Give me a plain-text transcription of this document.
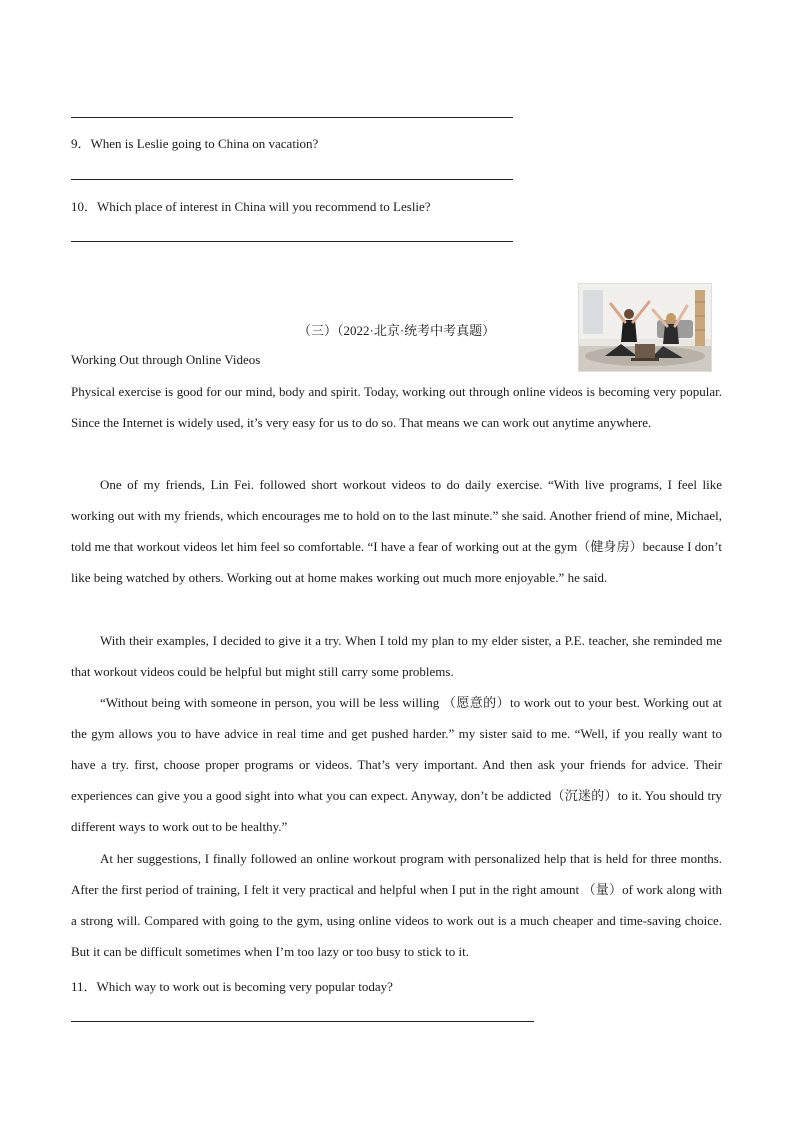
9．When is Leslie going to China on vacation?
10．Which place of interest in China will you recommend to Leslie?
（三）（2022·北京·统考中考真题）
Working Out through Online Videos

Physical exercise is good for our mind, body and spirit. Today, working out through online videos is becoming very popular. Since the Internet is widely used, it’s very easy for us to do so. That means we can work out anytime anywhere.

One of my friends, Lin Fei. followed short workout videos to do daily exercise. “With live programs, I feel like working out with my friends, which encourages me to hold on to the last minute.” she said. Another friend of mine, Michael, told me that workout videos let him feel so comfortable. “I have a fear of working out at the gym（健身房）because I don’t like being watched by others. Working out at home makes working out much more enjoyable.” he said.

With their examples, I decided to give it a try. When I told my plan to my elder sister, a P.E. teacher, she reminded me that workout videos could be helpful but might still carry some problems.

“Without being with someone in person, you will be less willing （愿意的）to work out to your best. Working out at the gym allows you to have advice in real time and get pushed harder.” my sister said to me. “Well, if you really want to have a try. first, choose proper programs or videos. That’s very important. And then ask your friends for advice. Their experiences can give you a good sight into what you can expect. Anyway, don’t be addicted（沉迷的）to it. You should try different ways to work out to be healthy.”

At her suggestions, I finally followed an online workout program with personalized help that is held for three months. After the first period of training, I felt it very practical and helpful when I put in the right amount （量）of work along with a strong will. Compared with going to the gym, using online videos to work out is a much cheaper and time-saving choice. But it can be difficult sometimes when I’m too lazy or too busy to stick to it.

11．Which way to work out is becoming very popular today?
